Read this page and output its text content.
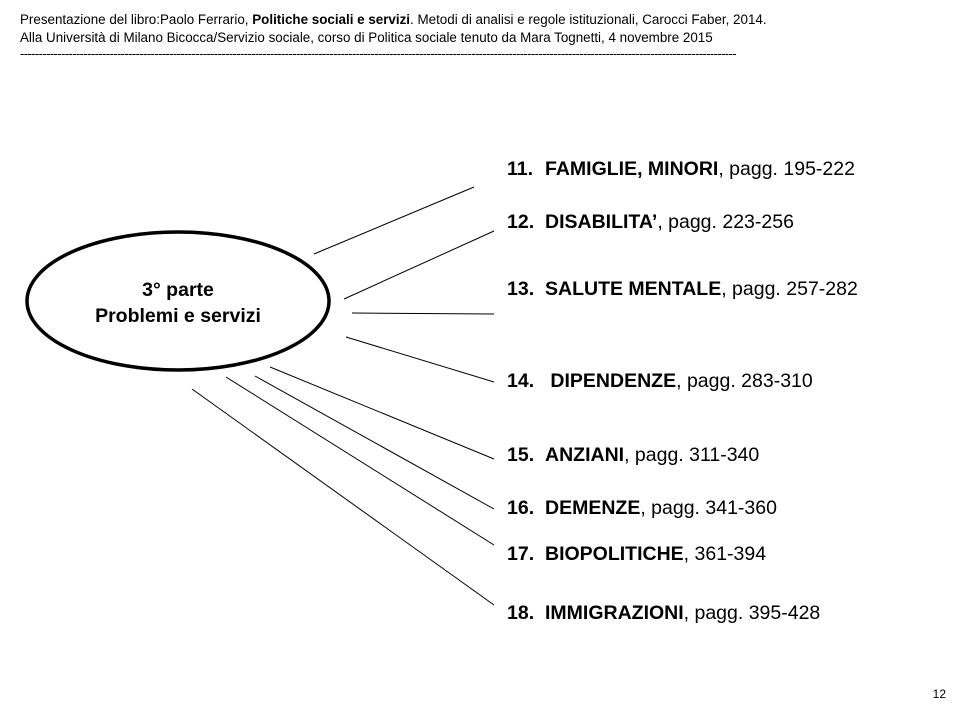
Presentazione del libro:Paolo Ferrario, Politiche sociali e servizi. Metodi di analisi e regole istituzionali, Carocci Faber, 2014.
Alla Università di Milano Bicocca/Servizio sociale, corso di Politica sociale tenuto da Mara Tognetti, 4 novembre 2015
------------------------------------------------------------------------------------------------------------------------------------------------------------------------------------------------
3° parte
Problemi e servizi
11. FAMIGLIE, MINORI, pagg. 195-222
12. DISABILITA’, pagg. 223-256
13. SALUTE MENTALE, pagg. 257-282
14. DIPENDENZE, pagg. 283-310
15. ANZIANI, pagg. 311-340
16. DEMENZE, pagg. 341-360
17. BIOPOLITICHE, 361-394
18. IMMIGRAZIONI, pagg. 395-428
12
